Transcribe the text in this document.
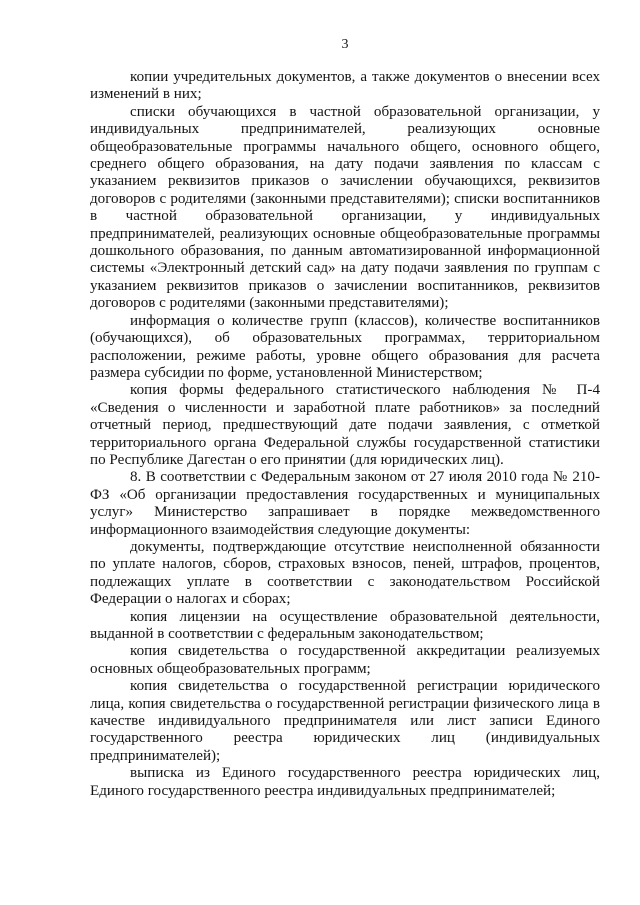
3

копии учредительных документов, а также документов о внесении всех изменений в них;

списки обучающихся в частной образовательной организации, у индивидуальных предпринимателей, реализующих основные общеобразовательные программы начального общего, основного общего, среднего общего образования, на дату подачи заявления по классам с указанием реквизитов приказов о зачислении обучающихся, реквизитов договоров с родителями (законными представителями); списки воспитанников в частной образовательной организации, у индивидуальных предпринимателей, реализующих основные общеобразовательные программы дошкольного образования, по данным автоматизированной информационной системы «Электронный детский сад» на дату подачи заявления по группам с указанием реквизитов приказов о зачислении воспитанников, реквизитов договоров с родителями (законными представителями);

информация о количестве групп (классов), количестве воспитанников (обучающихся), об образовательных программах, территориальном расположении, режиме работы, уровне общего образования для расчета размера субсидии по форме, установленной Министерством;

копия формы федерального статистического наблюдения № П-4 «Сведения о численности и заработной плате работников» за последний отчетный период, предшествующий дате подачи заявления, с отметкой территориального органа Федеральной службы государственной статистики по Республике Дагестан о его принятии (для юридических лиц).

8. В соответствии с Федеральным законом от 27 июля 2010 года № 210-ФЗ «Об организации предоставления государственных и муниципальных услуг» Министерство запрашивает в порядке межведомственного информационного взаимодействия следующие документы:

документы, подтверждающие отсутствие неисполненной обязанности по уплате налогов, сборов, страховых взносов, пеней, штрафов, процентов, подлежащих уплате в соответствии с законодательством Российской Федерации о налогах и сборах;

копия лицензии на осуществление образовательной деятельности, выданной в соответствии с федеральным законодательством;

копия свидетельства о государственной аккредитации реализуемых основных общеобразовательных программ;

копия свидетельства о государственной регистрации юридического лица, копия свидетельства о государственной регистрации физического лица в качестве индивидуального предпринимателя или лист записи Единого государственного реестра юридических лиц (индивидуальных предпринимателей);

выписка из Единого государственного реестра юридических лиц, Единого государственного реестра индивидуальных предпринимателей;
